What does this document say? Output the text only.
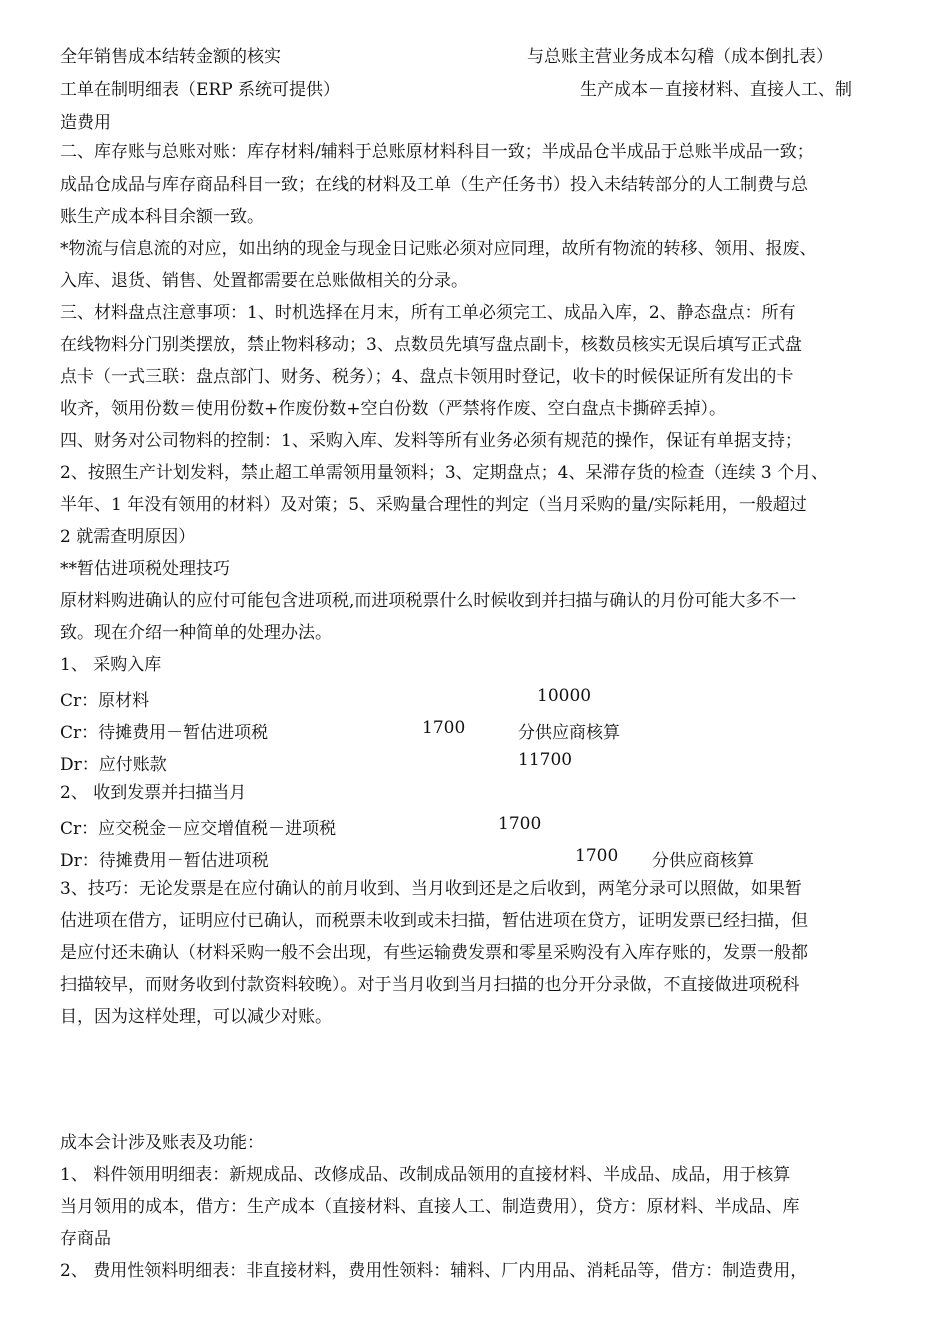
全年销售成本结转金额的核实	与总账主营业务成本勾稽（成本倒扎表）
工单在制明细表（ERP 系统可提供）	生产成本－直接材料、直接人工、制
造费用
二、库存账与总账对账：库存材料/辅料于总账原材料科目一致；半成品仓半成品于总账半成品一致；
成品仓成品与库存商品科目一致；在线的材料及工单（生产任务书）投入未结转部分的人工制费与总
账生产成本科目余额一致。
*物流与信息流的对应，如出纳的现金与现金日记账必须对应同理，故所有物流的转移、领用、报废、
入库、退货、销售、处置都需要在总账做相关的分录。
三、材料盘点注意事项：1、时机选择在月末，所有工单必须完工、成品入库，2、静态盘点：所有
在线物料分门别类摆放，禁止物料移动；3、点数员先填写盘点副卡，核数员核实无误后填写正式盘
点卡（一式三联：盘点部门、财务、税务）；4、盘点卡领用时登记，收卡的时候保证所有发出的卡
收齐，领用份数＝使用份数+作废份数+空白份数（严禁将作废、空白盘点卡撕碎丢掉）。
四、财务对公司物料的控制：1、采购入库、发料等所有业务必须有规范的操作，保证有单据支持；
2、按照生产计划发料，禁止超工单需领用量领料；3、定期盘点；4、呆滞存货的检查（连续 3 个月、
半年、1 年没有领用的材料）及对策；5、采购量合理性的判定（当月采购的量/实际耗用，一般超过
2 就需查明原因）
**暂估进项税处理技巧
原材料购进确认的应付可能包含进项税,而进项税票什么时候收到并扫描与确认的月份可能大多不一
致。现在介绍一种简单的处理办法。
1、 采购入库
Cr：原材料	10000
Cr：待摊费用－暂估进项税	1700	分供应商核算
Dr：应付账款	11700
2、 收到发票并扫描当月
Cr：应交税金－应交增值税－进项税	1700
Dr：待摊费用－暂估进项税	1700 分供应商核算
3、技巧：无论发票是在应付确认的前月收到、当月收到还是之后收到，两笔分录可以照做，如果暂
估进项在借方，证明应付已确认，而税票未收到或未扫描，暂估进项在贷方，证明发票已经扫描，但
是应付还未确认（材料采购一般不会出现，有些运输费发票和零星采购没有入库存账的，发票一般都
扫描较早，而财务收到付款资料较晚）。对于当月收到当月扫描的也分开分录做，不直接做进项税科
目，因为这样处理，可以减少对账。
成本会计涉及账表及功能：
1、 料件领用明细表：新规成品、改修成品、改制成品领用的直接材料、半成品、成品，用于核算
当月领用的成本，借方：生产成本（直接材料、直接人工、制造费用），贷方：原材料、半成品、库
存商品
2、 费用性领料明细表：非直接材料，费用性领料：辅料、厂内用品、消耗品等，借方：制造费用，
